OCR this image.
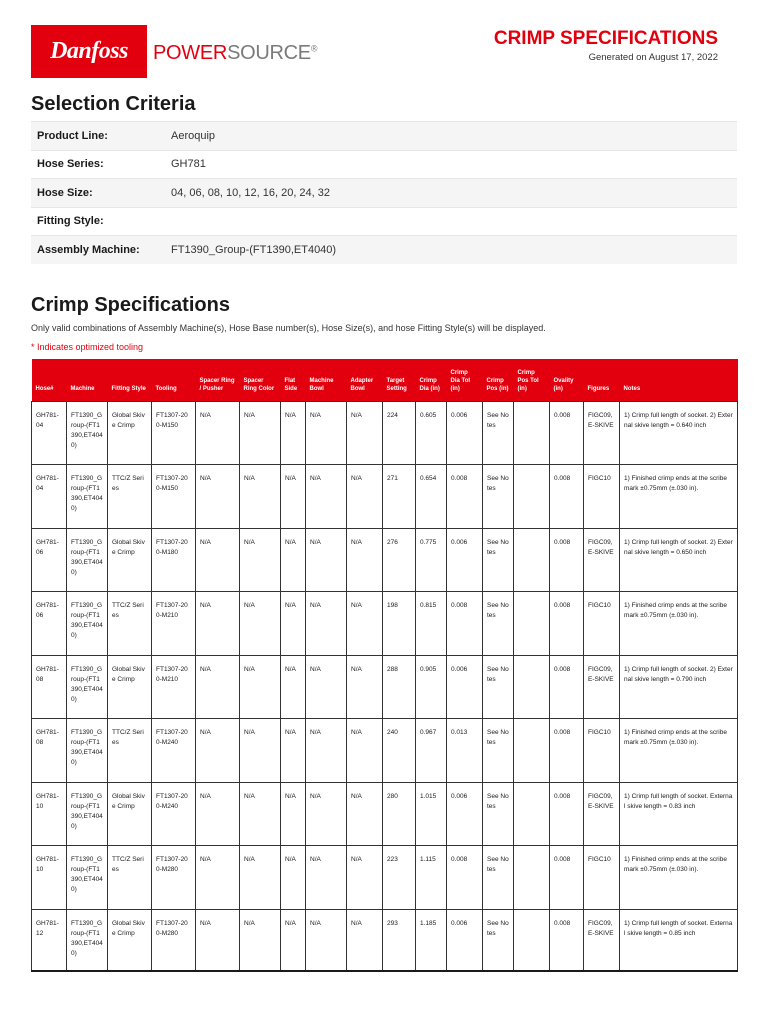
Danfoss POWERSOURCE®	CRIMP SPECIFICATIONS
Generated on August 17, 2022
Selection Criteria
Product Line:	Aeroquip
Hose Series:	GH781
Hose Size:	04, 06, 08, 10, 12, 16, 20, 24, 32
Fitting Style:
Assembly Machine:	FT1390_Group-(FT1390,ET4040)
Crimp Specifications
Only valid combinations of Assembly Machine(s), Hose Base number(s), Hose Size(s), and hose Fitting Style(s) will be displayed.
* Indicates optimized tooling
Hose#	Machine	Fitting Style	Tooling	Spacer Ring / Pusher	Spacer Ring Color	Flat Side	Machine Bowl	Adapter Bowl	Target Setting	Crimp Dia (in)	Crimp Dia Tol (in)	Crimp Pos (in)	Crimp Pos Tol (in)	Ovality (in)	Figures	Notes
GH781-04	FT1390_Group-(FT1390,ET4040)	Global Skive Crimp	FT1307-200-M150	N/A	N/A	N/A	N/A	N/A	224	0.605	0.006	See Notes		0.008	FIGC09, E-SKIVE	1) Crimp full length of socket. 2) External skive length = 0.640 inch
GH781-04	FT1390_Group-(FT1390,ET4040)	TTC/Z Series	FT1307-200-M150	N/A	N/A	N/A	N/A	N/A	271	0.654	0.008	See Notes		0.008	FIGC10	1) Finished crimp ends at the scribe mark ±0.75mm (±.030 in).
GH781-06	FT1390_Group-(FT1390,ET4040)	Global Skive Crimp	FT1307-200-M180	N/A	N/A	N/A	N/A	N/A	276	0.775	0.006	See Notes		0.008	FIGC09, E-SKIVE	1) Crimp full length of socket. 2) External skive length = 0.650 inch
GH781-06	FT1390_Group-(FT1390,ET4040)	TTC/Z Series	FT1307-200-M210	N/A	N/A	N/A	N/A	N/A	198	0.815	0.008	See Notes		0.008	FIGC10	1) Finished crimp ends at the scribe mark ±0.75mm (±.030 in).
GH781-08	FT1390_Group-(FT1390,ET4040)	Global Skive Crimp	FT1307-200-M210	N/A	N/A	N/A	N/A	N/A	288	0.905	0.006	See Notes		0.008	FIGC09, E-SKIVE	1) Crimp full length of socket. 2) External skive length = 0.790 inch
GH781-08	FT1390_Group-(FT1390,ET4040)	TTC/Z Series	FT1307-200-M240	N/A	N/A	N/A	N/A	N/A	240	0.967	0.013	See Notes		0.008	FIGC10	1) Finished crimp ends at the scribe mark ±0.75mm (±.030 in).
GH781-10	FT1390_Group-(FT1390,ET4040)	Global Skive Crimp	FT1307-200-M240	N/A	N/A	N/A	N/A	N/A	280	1.015	0.006	See Notes		0.008	FIGC09, E-SKIVE	1) Crimp full length of socket. External skive length = 0.83 inch
GH781-10	FT1390_Group-(FT1390,ET4040)	TTC/Z Series	FT1307-200-M280	N/A	N/A	N/A	N/A	N/A	223	1.115	0.008	See Notes		0.008	FIGC10	1) Finished crimp ends at the scribe mark ±0.75mm (±.030 in).
GH781-12	FT1390_Group-(FT1390,ET4040)	Global Skive Crimp	FT1307-200-M280	N/A	N/A	N/A	N/A	N/A	293	1.185	0.006	See Notes		0.008	FIGC09, E-SKIVE	1) Crimp full length of socket. External skive length = 0.85 inch
